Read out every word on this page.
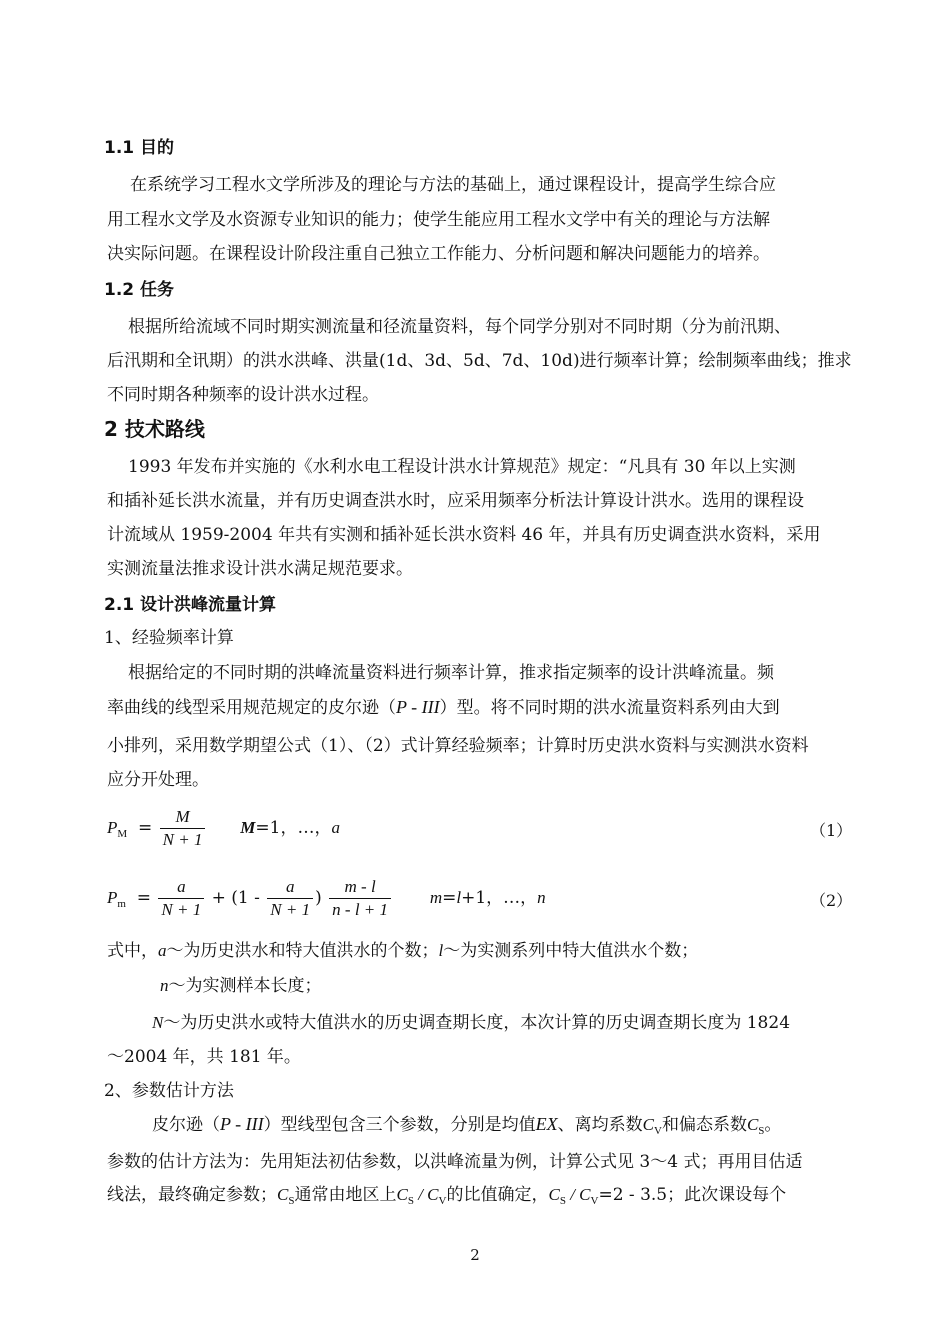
1.1 目的
在系统学习工程水文学所涉及的理论与方法的基础上，通过课程设计，提高学生综合应
用工程水文学及水资源专业知识的能力；使学生能应用工程水文学中有关的理论与方法解
决实际问题。在课程设计阶段注重自己独立工作能力、分析问题和解决问题能力的培养。
1.2 任务
根据所给流域不同时期实测流量和径流量资料，每个同学分别对不同时期（分为前汛期、
后汛期和全讯期）的洪水洪峰、洪量(1d、3d、5d、7d、10d)进行频率计算；绘制频率曲线；推求
不同时期各种频率的设计洪水过程。
2 技术路线
1993 年发布并实施的《水利水电工程设计洪水计算规范》规定：“凡具有 30 年以上实测
和插补延长洪水流量，并有历史调查洪水时，应采用频率分析法计算设计洪水。选用的课程设
计流域从 1959-2004 年共有实测和插补延长洪水资料 46 年，并具有历史调查洪水资料，采用
实测流量法推求设计洪水满足规范要求。
2.1 设计洪峰流量计算
1、经验频率计算
根据给定的不同时期的洪峰流量资料进行频率计算，推求指定频率的设计洪峰流量。频
率曲线的线型采用规范规定的皮尔逊（P - III）型。将不同时期的洪水流量资料系列由大到
小排列，采用数学期望公式（1）、（2）式计算经验频率；计算时历史洪水资料与实测洪水资料
应分开处理。
$P_M = \frac{M}{N + 1} M=1$，…，a	（1）
$P_m = \frac{a}{N + 1} + (1 - \frac{a}{N + 1}$ ) $\frac{m - l}{n - l + 1} m=l+1$，…，n	（2）
式中，a～为历史洪水和特大值洪水的个数；l～为实测系列中特大值洪水个数；
n～为实测样本长度；
N～为历史洪水或特大值洪水的历史调查期长度，本次计算的历史调查期长度为 1824
～2004 年，共 181 年。
2、参数估计方法
皮尔逊（P - III）型线型包含三个参数，分别是均值EX、离均系数$C_V$和偏态系数$C_S$。
参数的估计方法为：先用矩法初估参数，以洪峰流量为例，计算公式见 3～4 式；再用目估适
线法，最终确定参数；$C_S$通常由地区上$C_S / C_V$的比值确定，$C_S / C_V=2 - 3.5$；此次课设每个
2
